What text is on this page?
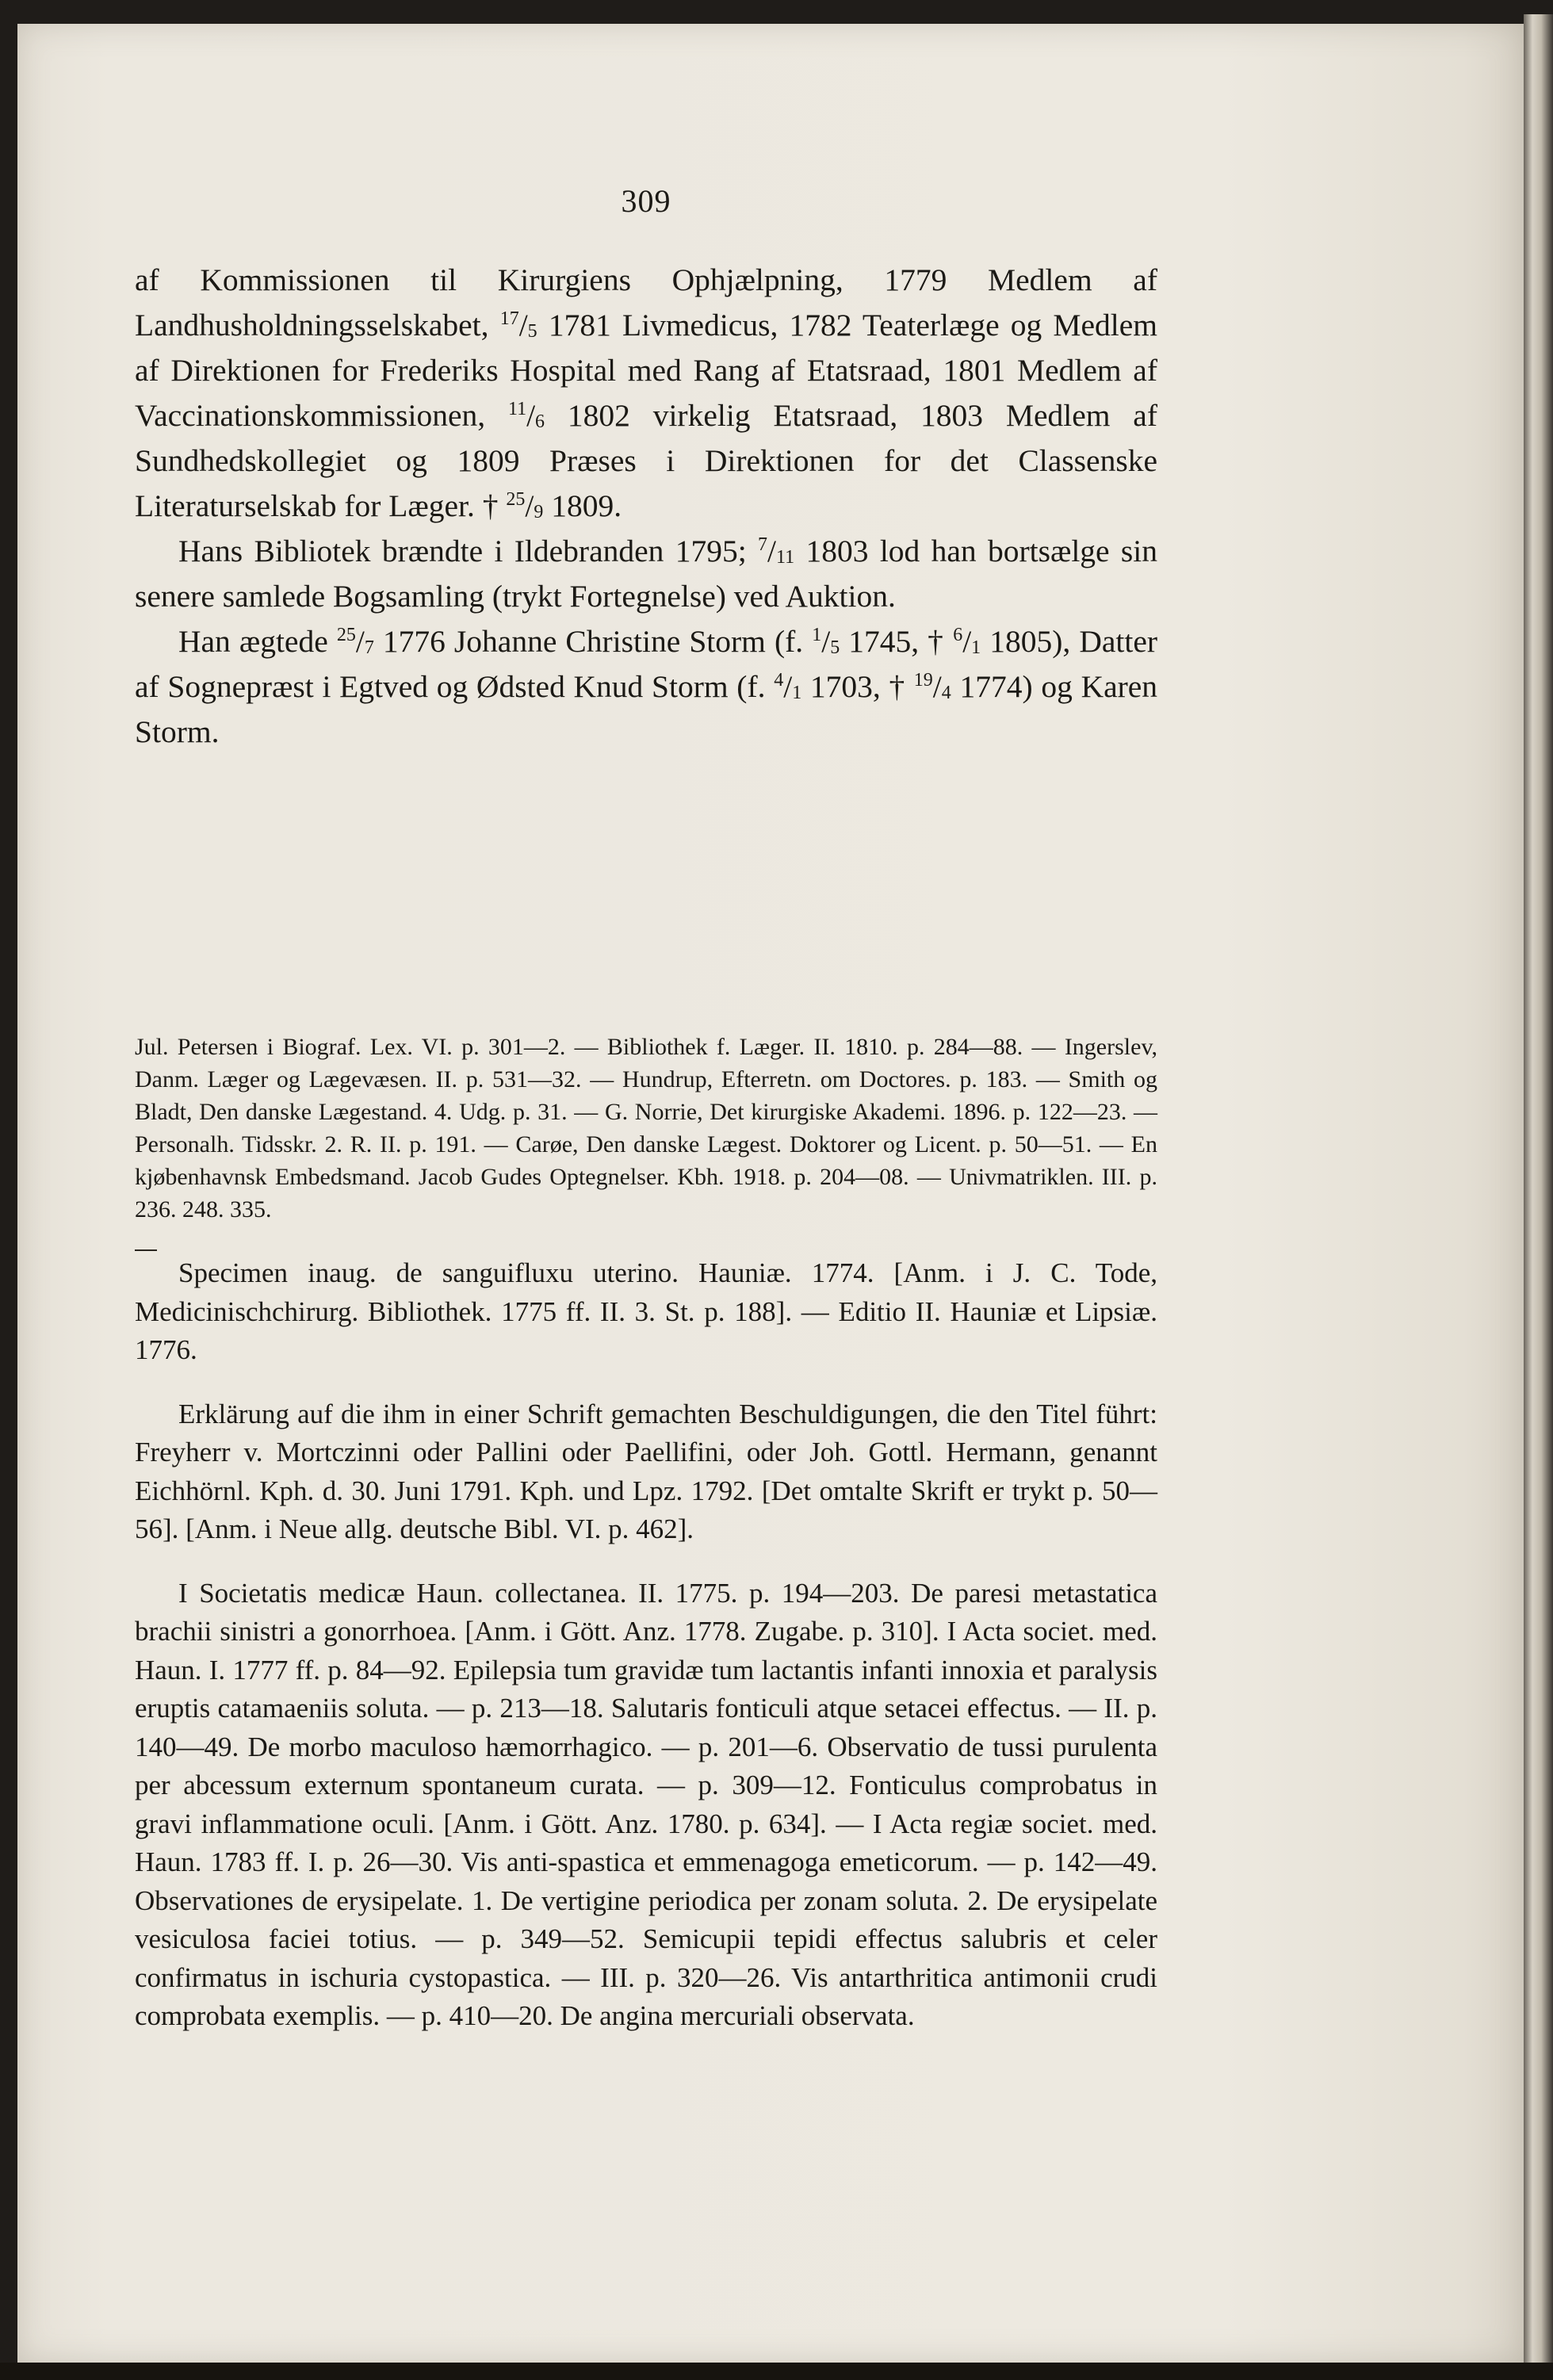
309

af Kommissionen til Kirurgiens Ophjælpning, 1779 Medlem af Landhusholdningsselskabet, $^{17}/_5$ 1781 Livmedicus, 1782 Teaterlæge og Medlem af Direktionen for Frederiks Hospital med Rang af Etatsraad, 1801 Medlem af Vaccinationskommissionen, $^{11}/_6$ 1802 virkelig Etatsraad, 1803 Medlem af Sundhedskollegiet og 1809 Præses i Direktionen for det Classenske Literaturselskab for Læger. † $^{25}/_9$ 1809.

Hans Bibliotek brændte i Ildebranden 1795; $^7/_{11}$ 1803 lod han bortsælge sin senere samlede Bogsamling (trykt Fortegnelse) ved Auktion.

Han ægtede $^{25}/_7$ 1776 Johanne Christine Storm (f. $^1/_5$ 1745, † $^6/_1$ 1805), Datter af Sognepræst i Egtved og Ødsted Knud Storm (f. $^4/_1$ 1703, † $^{19}/_4$ 1774) og Karen Storm.

Jul. Petersen i Biograf. Lex. VI. p. 301—2. — Bibliothek f. Læger. II. 1810. p. 284—88. — Ingerslev, Danm. Læger og Lægevæsen. II. p. 531—32. — Hundrup, Efterretn. om Doctores. p. 183. — Smith og Bladt, Den danske Lægestand. 4. Udg. p. 31. — G. Norrie, Det kirurgiske Akademi. 1896. p. 122—23. — Personalh. Tidsskr. 2. R. II. p. 191. — Carøe, Den danske Lægest. Doktorer og Licent. p. 50—51. — En kjøbenhavnsk Embedsmand. Jacob Gudes Optegnelser. Kbh. 1918. p. 204—08. — Univmatriklen. III. p. 236. 248. 335.

Specimen inaug. de sanguifluxu uterino. Hauniæ. 1774. [Anm. i J. C. Tode, Medicinischchirurg. Bibliothek. 1775 ff. II. 3. St. p. 188]. — Editio II. Hauniæ et Lipsiæ. 1776.

Erklärung auf die ihm in einer Schrift gemachten Beschuldigungen, die den Titel führt: Freyherr v. Mortczinni oder Pallini oder Paellifini, oder Joh. Gottl. Hermann, genannt Eichhörnl. Kph. d. 30. Juni 1791. Kph. und Lpz. 1792. [Det omtalte Skrift er trykt p. 50—56]. [Anm. i Neue allg. deutsche Bibl. VI. p. 462].

I Societatis medicæ Haun. collectanea. II. 1775. p. 194—203. De paresi metastatica brachii sinistri a gonorrhoea. [Anm. i Gött. Anz. 1778. Zugabe. p. 310]. I Acta societ. med. Haun. I. 1777 ff. p. 84—92. Epilepsia tum gravidæ tum lactantis infanti innoxia et paralysis eruptis catamaeniis soluta. — p. 213—18. Salutaris fonticuli atque setacei effectus. — II. p. 140—49. De morbo maculoso hæmorrhagico. — p. 201—6. Observatio de tussi purulenta per abcessum externum spontaneum curata. — p. 309—12. Fonticulus comprobatus in gravi inflammatione oculi. [Anm. i Gött. Anz. 1780. p. 634]. — I Acta regiæ societ. med. Haun. 1783 ff. I. p. 26—30. Vis anti-spastica et emmenagoga emeticorum. — p. 142—49. Observationes de erysipelate. 1. De vertigine periodica per zonam soluta. 2. De erysipelate vesiculosa faciei totius. — p. 349—52. Semicupii tepidi effectus salubris et celer confirmatus in ischuria cystopastica. — III. p. 320—26. Vis antarthritica antimonii crudi comprobata exemplis. — p. 410—20. De angina mercuriali observata.
